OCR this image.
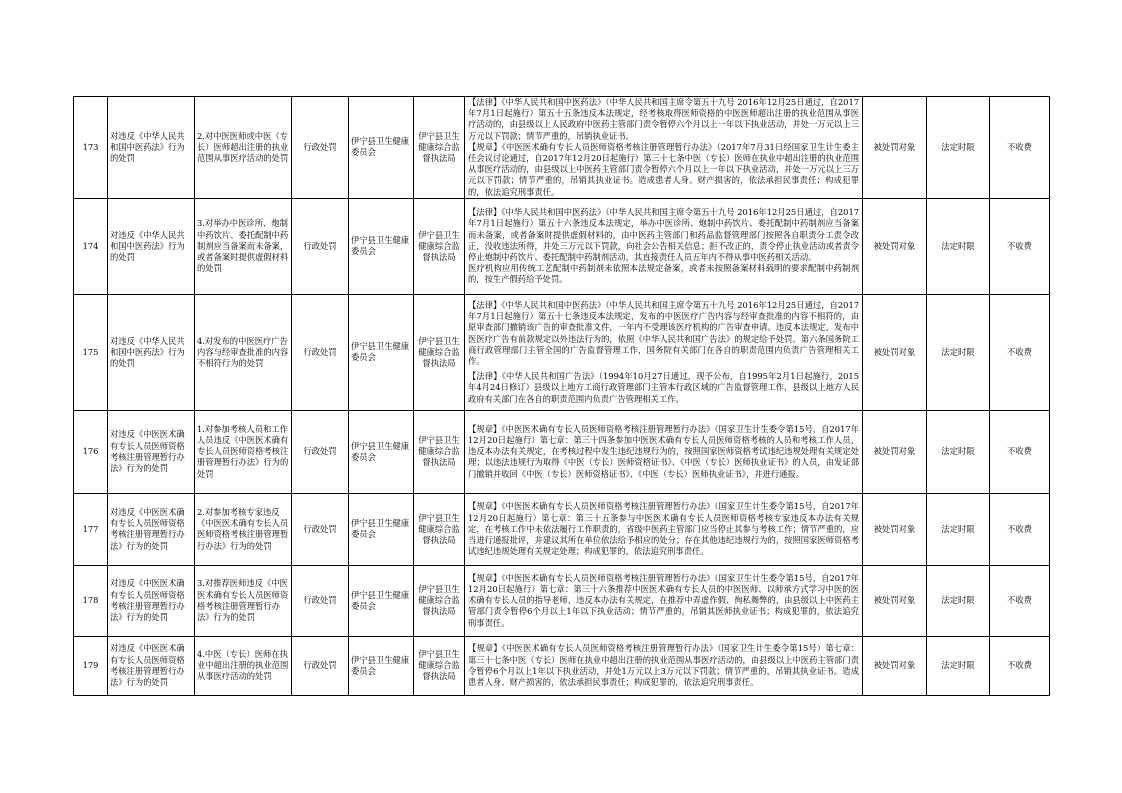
173	对违反《中华人民共和国中医药法》行为的处罚	2.对中医医师或中医（专长）医师超出注册的执业范围从事医疗活动的处罚	行政处罚	伊宁县卫生健康委员会	伊宁县卫生健康综合监督执法局	【法律】《中华人民共和国中医药法》（中华人民共和国主席令第五十九号 2016年12月25日通过，自2017年7月1日起施行）第五十五条违反本法规定，经考核取得医师资格的中医医师超出注册的执业范围从事医疗活动的，由县级以上人民政府中医药主管部门责令暂停六个月以上一年以下执业活动，并处一万元以上三万元以下罚款；情节严重的，吊销执业证书。

【规章】《中医医术确有专长人员医师资格考核注册管理暂行办法》（2017年7月31日经国家卫生计生委主任会议讨论通过，自2017年12月20日起施行）第三十七条中医（专长）医师在执业中超出注册的执业范围从事医疗活动的，由县级以上中医药主管部门责令暂停六个月以上一年以下执业活动，并处一万元以上三万元以下罚款；情节严重的，吊销其执业证书。造成患者人身、财产损害的，依法承担民事责任；构成犯罪的，依法追究刑事责任。	被处罚对象	法定时限	不收费
174	对违反《中华人民共和国中医药法》行为的处罚	3.对举办中医诊所、炮制中药饮片、委托配制中药制剂应当备案而未备案，或者备案时提供虚假材料的处罚	行政处罚	伊宁县卫生健康委员会	伊宁县卫生健康综合监督执法局	【法律】《中华人民共和国中医药法》（中华人民共和国主席令第五十九号 2016年12月25日通过，自2017年7月1日起施行）第五十六条违反本法规定，举办中医诊所、炮制中药饮片、委托配制中药制剂应当备案而未备案，或者备案时提供虚假材料的，由中医药主管部门和药品监督管理部门按照各自职责分工责令改正，没收违法所得，并处三万元以下罚款，向社会公告相关信息；拒不改正的，责令停止执业活动或者责令停止炮制中药饮片、委托配制中药制剂活动，其直接责任人员五年内不得从事中医药相关活动。

医疗机构应用传统工艺配制中药制剂未依照本法规定备案，或者未按照备案材料载明的要求配制中药制剂的，按生产假药给予处罚。	被处罚对象	法定时限	不收费
175	对违反《中华人民共和国中医药法》行为的处罚	4.对发布的中医医疗广告内容与经审查批准的内容不相符行为的处罚	行政处罚	伊宁县卫生健康委员会	伊宁县卫生健康综合监督执法局	【法律】《中华人民共和国中医药法》（中华人民共和国主席令第五十九号 2016年12月25日通过，自2017年7月1日起施行）第五十七条违反本法规定，发布的中医医疗广告内容与经审查批准的内容不相符的，由原审查部门撤销该广告的审查批准文件，一年内不受理该医疗机构的广告审查申请。违反本法规定，发布中医医疗广告有前款规定以外违法行为的，依照《中华人民共和国广告法》的规定给予处罚。第六条国务院工商行政管理部门主管全国的广告监督管理工作，国务院有关部门在各自的职责范围内负责广告管理相关工作。

【法律】《中华人民共和国广告法》（1994年10月27日通过，现予公布，自1995年2月1日起施行，2015年4月24日修订）县级以上地方工商行政管理部门主管本行政区域的广告监督管理工作，县级以上地方人民政府有关部门在各自的职责范围内负责广告管理相关工作。	被处罚对象	法定时限	不收费
176	对违反《中医医术确有专长人员医师资格考核注册管理暂行办法》行为的处罚	1.对参加考核人员和工作人员违反《中医医术确有专长人员医师资格考核注册管理暂行办法》行为的处罚	行政处罚	伊宁县卫生健康委员会	伊宁县卫生健康综合监督执法局	【规章】《中医医术确有专长人员医师资格考核注册管理暂行办法》（国家卫生计生委令第15号，自2017年12月20日起施行）第七章：第三十四条参加中医医术确有专长人员医师资格考核的人员和考核工作人员，违反本办法有关规定，在考核过程中发生违纪违规行为的，按照国家医师资格考试违纪违规处理有关规定处理；以违法违规行为取得《中医（专长）医师资格证书》、《中医（专长）医师执业证书》的人员，由发证部门撤销并收回《中医（专长）医师资格证书》、《中医（专长）医师执业证书》，并进行通报。	被处罚对象	法定时限	不收费
177	对违反《中医医术确有专长人员医师资格考核注册管理暂行办法》行为的处罚	2.对参加考核专家违反《中医医术确有专长人员医师资格考核注册管理暂行办法》行为的处罚	行政处罚	伊宁县卫生健康委员会	伊宁县卫生健康综合监督执法局	【规章】《中医医术确有专长人员医师资格考核注册管理暂行办法》（国家卫生计生委令第15号，自2017年12月20日起施行）第七章：第三十五条参与中医医术确有专长人员医师资格考核专家违反本办法有关规定，在考核工作中未依法履行工作职责的，省级中医药主管部门应当停止其参与考核工作；情节严重的，应当进行通报批评，并建议其所在单位依法给予相应的处分；存在其他违纪违规行为的，按照国家医师资格考试违纪违规处理有关规定处理；构成犯罪的，依法追究刑事责任。	被处罚对象	法定时限	不收费
178	对违反《中医医术确有专长人员医师资格考核注册管理暂行办法》行为的处罚	3.对推荐医师违反《中医医术确有专长人员医师资格考核注册管理暂行办法》行为的处罚	行政处罚	伊宁县卫生健康委员会	伊宁县卫生健康综合监督执法局	【规章】《中医医术确有专长人员医师资格考核注册管理暂行办法》（国家卫生计生委令第15号，自2017年12月20日起施行）第七章：第三十六条推荐中医医术确有专长人员的中医医师、以师承方式学习中医的医术确有专长人员的指导老师，违反本办法有关规定，在推荐中弄虚作假、徇私舞弊的，由县级以上中医药主管部门责令暂停6个月以上1年以下执业活动；情节严重的，吊销其医师执业证书；构成犯罪的，依法追究刑事责任。	被处罚对象	法定时限	不收费
179	对违反《中医医术确有专长人员医师资格考核注册管理暂行办法》行为的处罚	4.中医（专长）医师在执业中超出注册的执业范围从事医疗活动的处罚	行政处罚	伊宁县卫生健康委员会	伊宁县卫生健康综合监督执法局	【规章】《中医医术确有专长人员医师资格考核注册管理暂行办法》（国家卫生计生委令第15号）第七章：第三十七条中医（专长）医师在执业中超出注册的执业范围从事医疗活动的，由县级以上中医药主管部门责令暂停6个月以上1年以下执业活动，并处1万元以上3万元以下罚款；情节严重的，吊销其执业证书。造成患者人身、财产损害的，依法承担民事责任；构成犯罪的，依法追究刑事责任。	被处罚对象	法定时限	不收费
